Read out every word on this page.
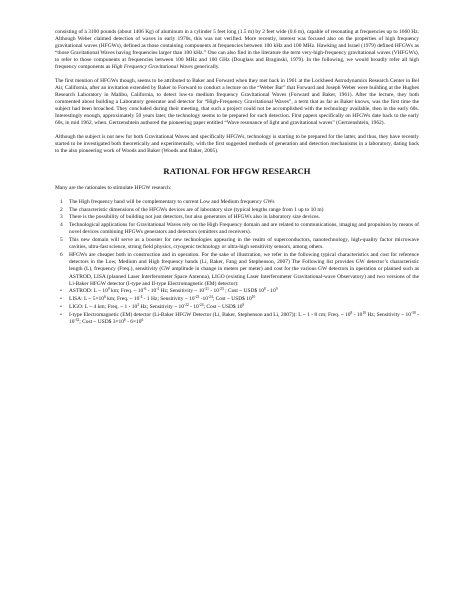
consisting of a 3100 pounds (about 1406 Kg) of aluminum in a cylinder 5 feet long (1.5 m) by 2 feet wide (0.6 m), capable of resonating at frequencies up to 1660 Hz. Although Weber claimed detection of waves in early 1970s, this was not verified. More recently, interest was focused also on the properties of high frequency gravitational waves (HFGWs), defined as those containing components at frequencies between 100 kHz and 100 MHz. Hawking and Israel (1979) defined HFGWs as “those Gravitational Waves having frequencies larger than 100 kHz.” One can also find in the literature the term very-high-frequency gravitational waves (VHFGWs), to refer to those components at frequencies between 100 MHz and 100 GHz (Douglass and Braginski, 1979). In the following, we would broadly refer all high frequency components as High Frequency Gravitational Waves generically.

The first mention of HFGWs though, seems to be attributed to Baker and Forward when they met back in 1961 at the Lockheed Astrodynamics Research Center in Bel Air, California, after an invitation extended by Baker to Forward to conduct a lecture on the “Weber Bar” that Forward and Joseph Weber were building at the Hughes Research Laboratory in Malibu, California, to detect low-to medium frequency Gravitational Waves (Forward and Baker, 1961). After the lecture, they both commented about building a Laboratory generator and detector for “High-Frequency Gravitational Waves”, a term that as far as Baker knows, was the first time the subject had been broached. They concluded during their meeting, that such a project could not be accomplished with the technology available, then in the early 60s. Interestingly enough, approximately 50 years later, the technology seems to be prepared for such detection. First papers specifically on HFGWs date back to the early 60s, in mid 1962, when. Gertzenshtein authored the pioneering paper entitled “Wave resonance of light and gravitational waves” (Gertzenshtein, 1962).

Although the subject is not new for both Gravitational Waves and specifically HFGWs, technology is starting to be prepared for the latter, and thus, they have recently started to be investigated both theoretically and experimentally, with the first suggested methods of generation and detection mechanisms in a laboratory, dating back to the also pioneering work of Woods and Baker (Woods and Baker, 2005).

RATIONAL FOR HFGW RESEARCH

Many are the rationales to stimulate HFGW research:

1	The High frequency band will be complementary to current Low and Medium frequency GWs
2	The characteristic dimensions of the HFGWs devices are of laboratory size (typical lengths range from 1 up to 10 m)
3	There is the possibility of building not just detectors, but also generators of HFGWs also in laboratory size devices.
4	Technological applications for Gravitational Waves rely on the High Frequency domain and are related to communications, imaging and propulsion by means of novel devices combining HFGWs generators and detectors (emitters and receivers).
5	This new domain will serve as a booster for new technologies appearing in the realm of superconductors, nanotechnology, high-quality factor microwave cavities, ultra-fast science, strong field physics, cryogenic technology or ultra-high sensitivity sensors, among others.
6	HFGWs are cheaper both in construction and in operation. For the sake of illustration, we refer in the following typical characteristics and cost for reference detectors in the Low, Medium and High frequency bands (Li, Baker, Fang and Stephenson, 2007) The Following list provides GW detector’s characteristic length (L), frequency (Freq.), sensitivity (GW amplitude in change in meters per meter) and cost for the various GW detectors in operation or planned such as ASTROD, LISA (planned Laser Interferometer Space Antenna), LIGO (existing Laser Interferometer Gravitational-wave Observatory) and two versions of the Li-Baker HFGW detector (I-type and II-type Electromagnetic (EM) detector):
•	ASTROD: L ~ $10^9$ km; Freq. ~ $10^{-6} - 10^{-2}$ Hz; Sensitivity ~ $10^{-21} - 10^{-23}$ ; Cost ~ USD$ $10^8 - 10^9$
•	LISA: L ~ $5\times 10^6$ km; Freq. ~ $10^{-4} - 1$ Hz; Sensitivity ~ $10^{-23}$ $-10^{-24}$; Cost ~ USD$ $10^{10}$
•	LIGO: L ~ 4 km; Freq. ~ $1 - 10^3$ Hz; Sensitivity ~ $10^{-22} - 10^{-24}$; Cost ~ USD$ $10^9$
•	I-type Electromagnetic (EM) detector (Li-Baker HFGW Detector (Li, Baker, Stephenson and Li, 2007)): L ~ 1 - 8 cm; Freq. ~ $10^8 - 10^{10}$ Hz; Sensitivity ~ $10^{-30} - 10^{-32}$; Cost ~ USD$ $3\times 10^6 - 6\times 10^6$
